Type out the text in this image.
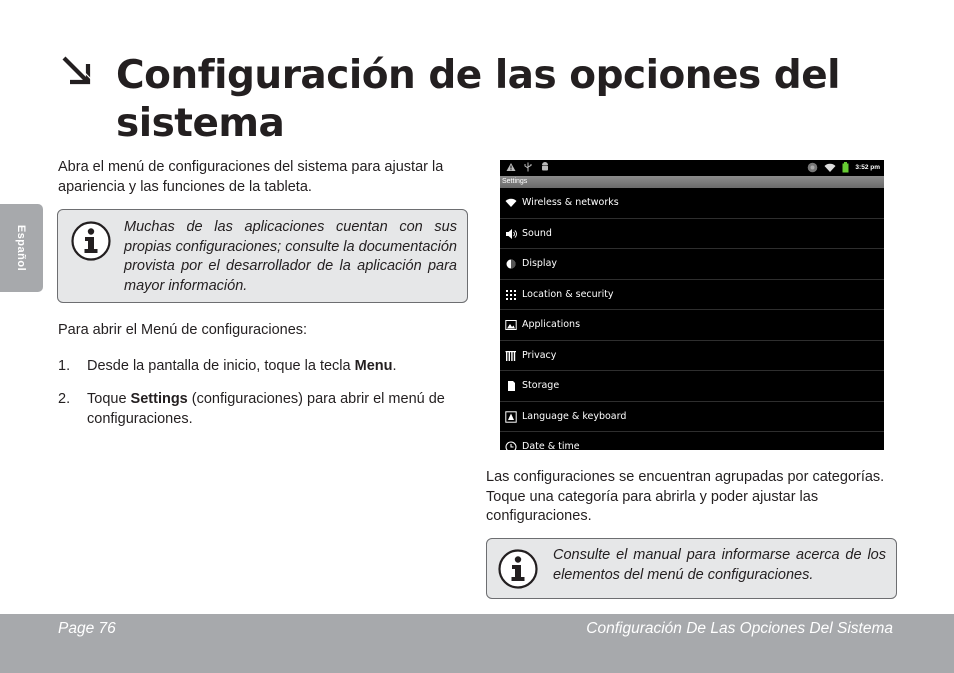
Configuración de las opciones del sistema
Español

Abra el menú de configuraciones del sistema para ajustar la apariencia y las funciones de la tableta.

Muchas de las aplicaciones cuentan con sus propias configuraciones; consulte la documentación provista por el desarrollador de la aplicación para mayor información.

Para abrir el Menú de configuraciones:

1. Desde la pantalla de inicio, toque la tecla Menu.
2. Toque Settings (configuraciones) para abrir el menú de configuraciones.
3:52 pm
Settings
Wireless & networks
Sound
Display
Location & security
Applications
Privacy
Storage
Language & keyboard
Date & time

Las configuraciones se encuentran agrupadas por categorías. Toque una categoría para abrirla y poder ajustar las configuraciones.

Consulte el manual para informarse acerca de los elementos del menú de configuraciones.

Page 76	Configuración De Las Opciones Del Sistema
